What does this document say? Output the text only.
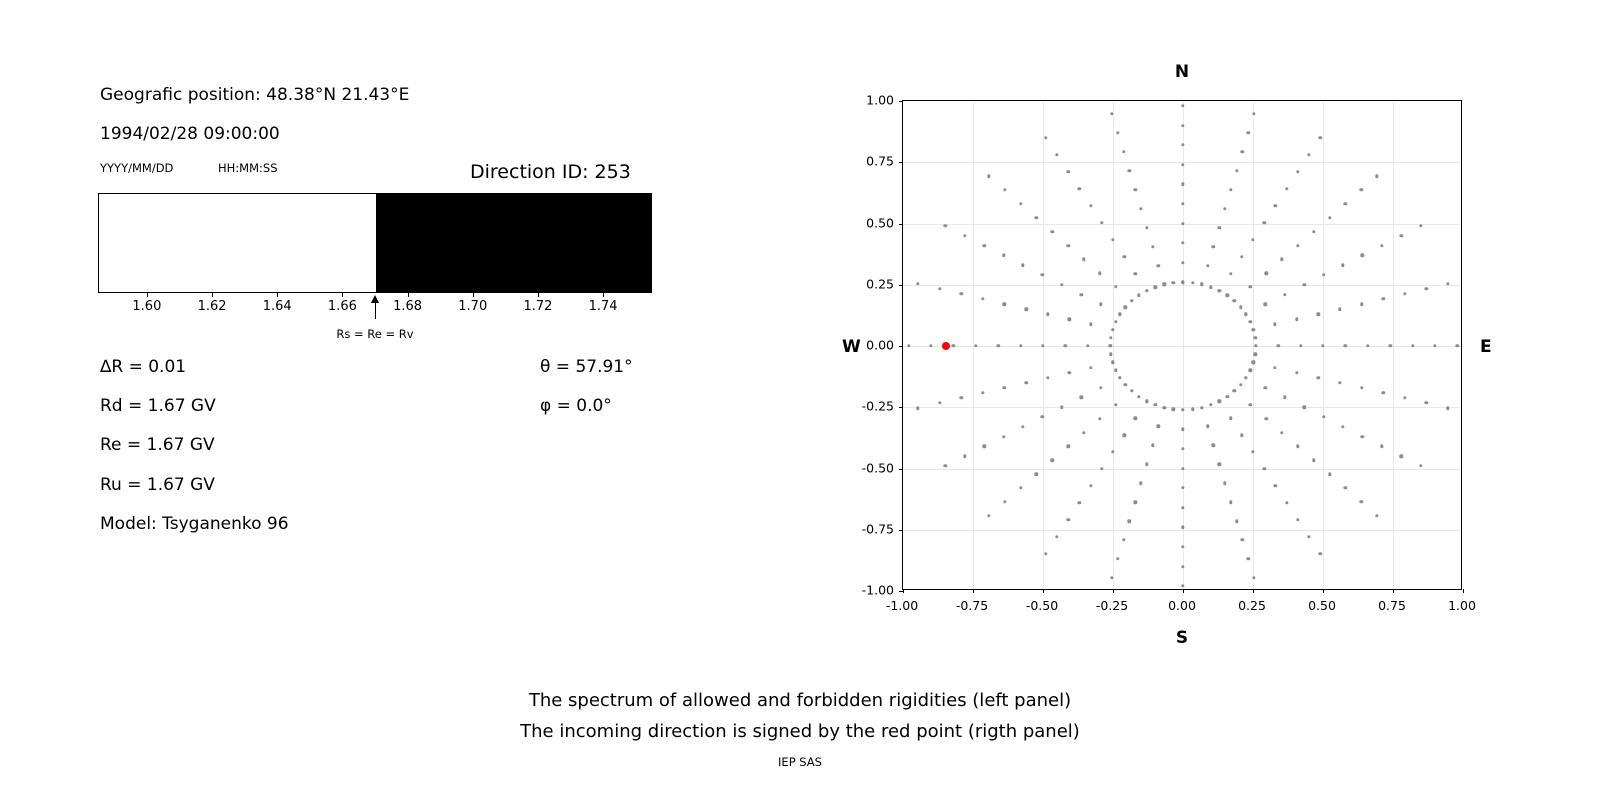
Geografic position: 48.38°N 21.43°E
1994/02/28 09:00:00
YYYY/MM/DD	HH:MM:SS	Direction ID: 253
1.60	1.62	1.64	1.66	1.68	1.70	1.72	1.74
Rs = Re = Rv
∆R = 0.01
Rd = 1.67 GV
Re = 1.67 GV
Ru = 1.67 GV
Model: Tsyganenko 96
θ = 57.91°
φ = 0.0°
N
S
W	E
-1.00	-0.75	-0.50	-0.25	0.00	0.25	0.50	0.75	1.00
-1.00
-0.75
-0.50
-0.25
0.00
0.25
0.50
0.75
1.00
The spectrum of allowed and forbidden rigidities (left panel)
The incoming direction is signed by the red point (rigth panel)
IEP SAS
